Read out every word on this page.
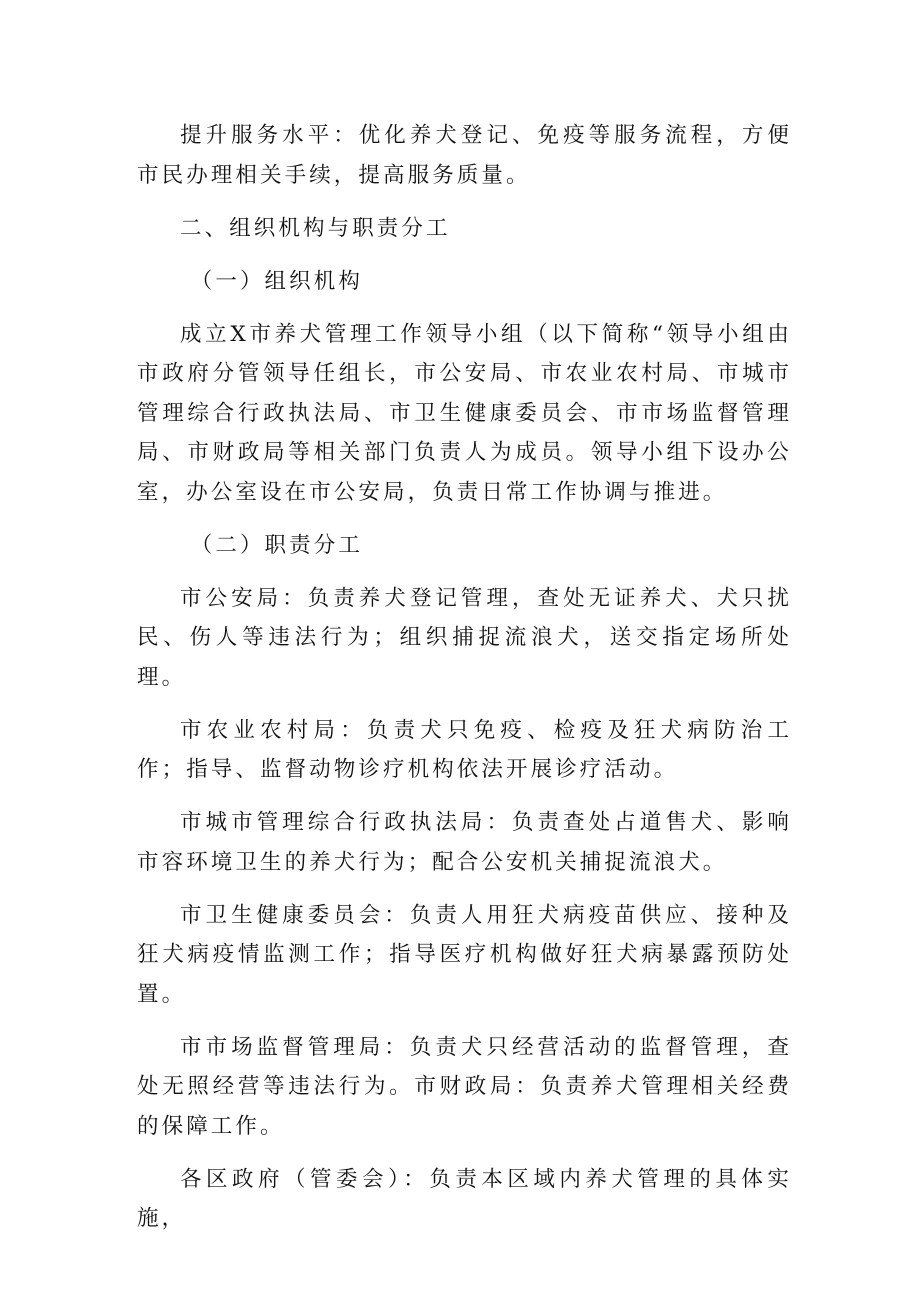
提升服务水平：优化养犬登记、免疫等服务流程，方便市民办理相关手续，提高服务质量。

二、组织机构与职责分工

（一）组织机构

成立X市养犬管理工作领导小组（以下简称“领导小组由市政府分管领导任组长，市公安局、市农业农村局、市城市管理综合行政执法局、市卫生健康委员会、市市场监督管理局、市财政局等相关部门负责人为成员。领导小组下设办公室，办公室设在市公安局，负责日常工作协调与推进。

（二）职责分工

市公安局：负责养犬登记管理，查处无证养犬、犬只扰民、伤人等违法行为；组织捕捉流浪犬，送交指定场所处理。

市农业农村局：负责犬只免疫、检疫及狂犬病防治工作；指导、监督动物诊疗机构依法开展诊疗活动。

市城市管理综合行政执法局：负责查处占道售犬、影响市容环境卫生的养犬行为；配合公安机关捕捉流浪犬。

市卫生健康委员会：负责人用狂犬病疫苗供应、接种及狂犬病疫情监测工作；指导医疗机构做好狂犬病暴露预防处置。

市市场监督管理局：负责犬只经营活动的监督管理，查处无照经营等违法行为。市财政局：负责养犬管理相关经费的保障工作。

各区政府（管委会）：负责本区域内养犬管理的具体实施，
